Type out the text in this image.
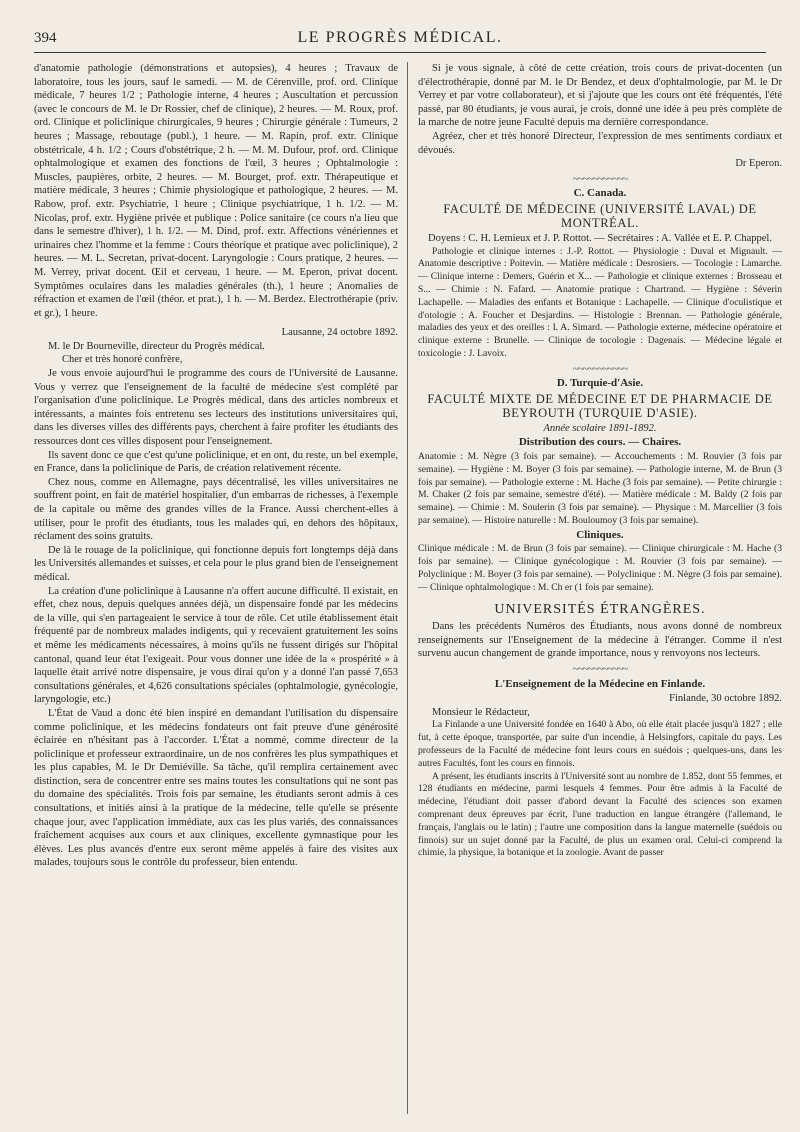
394	LE PROGRÈS MÉDICAL.

d'anatomie pathologie (démonstrations et autopsies), 4 heures ; Travaux de laboratoire, tous les jours, sauf le samedi. — M. de Cérenville, prof. ord. Clinique médicale, 7 heures 1/2 ; Pathologie interne, 4 heures ; Auscultation et percussion (avec le concours de M. le Dr Rossier, chef de clinique), 2 heures. — M. Roux, prof. ord. Clinique et policlinique chirurgicales, 9 heures ; Chirurgie générale : Tumeurs, 2 heures ; Massage, reboutage (publ.), 1 heure. — M. Rapin, prof. extr. Clinique obstétricale, 4 h. 1/2 ; Cours d'obstétrique, 2 h. — M. M. Dufour, prof. ord. Clinique ophtalmologique et examen des fonctions de l'œil, 3 heures ; Ophtalmologie : Muscles, paupières, orbite, 2 heures. — M. Bourget, prof. extr. Thérapeutique et matière médicale, 3 heures ; Chimie physiologique et pathologique, 2 heures. — M. Rabow, prof. extr. Psychiatrie, 1 heure ; Clinique psychiatrique, 1 h. 1/2. — M. Nicolas, prof. extr. Hygiène privée et publique : Police sanitaire (ce cours n'a lieu que dans le semestre d'hiver), 1 h. 1/2. — M. Dind, prof. extr. Affections vénériennes et urinaires chez l'homme et la femme : Cours théorique et pratique avec policlinique), 2 heures. — M. L. Secretan, privat-docent. Laryngologie : Cours pratique, 2 heures. — M. Verrey, privat docent. Œil et cerveau, 1 heure. — M. Eperon, privat docent. Symptômes oculaires dans les maladies générales (th.), 1 heure ; Anomalies de réfraction et examen de l'œil (théor. et prat.), 1 h. — M. Berdez. Electrothérapie (priv. et gr.), 1 heure.

Lausanne, 24 octobre 1892.

M. le Dr Bourneville, directeur du Progrès médical.

Cher et très honoré confrère,

Je vous envoie aujourd'hui le programme des cours de l'Université de Lausanne. Vous y verrez que l'enseignement de la faculté de médecine s'est complété par l'organisation d'une policlinique. Le Progrès médical, dans des articles nombreux et intéressants, a maintes fois entretenu ses lecteurs des institutions universitaires qui, dans les diverses villes des différents pays, cherchent à faire profiter les étudiants des ressources dont ces villes disposent pour l'enseignement.

Ils savent donc ce que c'est qu'une policlinique, et en ont, du reste, un bel exemple, en France, dans la policlinique de Paris, de création relativement récente.

Chez nous, comme en Allemagne, pays décentralisé, les villes universitaires ne souffrent point, en fait de matériel hospitalier, d'un embarras de richesses, à l'exemple de la capitale ou même des grandes villes de la France. Aussi cherchent-elles à utiliser, pour le profit des étudiants, tous les malades qui, en dehors des hôpitaux, réclament des soins gratuits.

De là le rouage de la policlinique, qui fonctionne depuis fort longtemps déjà dans les Universités allemandes et suisses, et cela pour le plus grand bien de l'enseignement médical.

La création d'une policlinique à Lausanne n'a offert aucune difficulté. Il existait, en effet, chez nous, depuis quelques années déjà, un dispensaire fondé par les médecins de la ville, qui s'en partageaient le service à tour de rôle. Cet utile établissement était fréquenté par de nombreux malades indigents, qui y recevaient gratuitement les soins et même les médicaments nécessaires, à moins qu'ils ne fussent dirigés sur l'hôpital cantonal, quand leur état l'exigeait. Pour vous donner une idée de la « prospérité » à laquelle était arrivé notre dispensaire, je vous dirai qu'on y a donné l'an passé 7,653 consultations générales, et 4,626 consultations spéciales (ophtalmologie, gynécologie, laryngologie, etc.)

L'État de Vaud a donc été bien inspiré en demandant l'utilisation du dispensaire comme policlinique, et les médecins fondateurs ont fait preuve d'une générosité éclairée en n'hésitant pas à l'accorder. L'État a nommé, comme directeur de la policlinique et professeur extraordinaire, un de nos confrères les plus sympathiques et les plus capables, M. le Dr Demiéville. Sa tâche, qu'il remplira certainement avec distinction, sera de concentrer entre ses mains toutes les consultations qui ne sont pas du domaine des spécialités. Trois fois par semaine, les étudiants seront admis à ces consultations, et initiés ainsi à la pratique de la médecine, telle qu'elle se présente chaque jour, avec l'application immédiate, aux cas les plus variés, des connaissances fraîchement acquises aux cours et aux cliniques, excellente gymnastique pour les élèves. Les plus avancés d'entre eux seront même appelés à faire des visites aux malades, toujours sous le contrôle du professeur, bien entendu.

Si je vous signale, à côté de cette création, trois cours de privat-docenten (un d'électrothérapie, donné par M. le Dr Bendez, et deux d'ophtalmologie, par M. le Dr Verrey et par votre collaborateur), et si j'ajoute que les cours ont été fréquentés, l'été passé, par 80 étudiants, je vous aurai, je crois, donné une idée à peu près complète de la marche de notre jeune Faculté depuis ma dernière correspondance.

Agréez, cher et très honoré Directeur, l'expression de mes sentiments cordiaux et dévoués.

Dr Eperon.

~~~~~~~~~~~
C. Canada.
FACULTÉ DE MÉDECINE (UNIVERSITÉ LAVAL) DE MONTRÉAL.

Doyens : C. H. Lemieux et J. P. Rottot. — Secrétaires : A. Vallée et E. P. Chappel.

Pathologie et clinique internes : J.-P. Rottot. — Physiologie : Duval et Mignault. — Anatomie descriptive : Poitevin. — Matière médicale : Desrosiers. — Tocologie : Lamarche. — Clinique interne : Demers, Guérin et X... — Pathologie et clinique externes : Brosseau et S... — Chimie : N. Fafard. — Anatomie pratique : Chartrand. — Hygiène : Séverin Lachapelle. — Maladies des enfants et Botanique : Lachapelle. — Clinique d'oculistique et d'otologie : A. Foucher et Desjardins. — Histologie : Brennan. — Pathologie générale, maladies des yeux et des oreilles : I. A. Simard. — Pathologie externe, médecine opératoire et clinique externe : Brunelle. — Clinique de tocologie : Dagenais. — Médecine légale et toxicologie : J. Lavoix.

~~~~~~~~~~~
D. Turquie-d'Asie.
FACULTÉ MIXTE DE MÉDECINE ET DE PHARMACIE DE BEYROUTH (TURQUIE D'ASIE).

Année scolaire 1891-1892.

Distribution des cours. — Chaires.

Anatomie : M. Nègre (3 fois par semaine). — Accouchements : M. Rouvier (3 fois par semaine). — Hygiène : M. Boyer (3 fois par semaine). — Pathologie interne, M. de Brun (3 fois par semaine). — Pathologie externe : M. Hache (3 fois par semaine). — Petite chirurgie : M. Chaker (2 fois par semaine, semestre d'été). — Matière médicale : M. Baldy (2 fois par semaine). — Chimie : M. Soulerin (3 fois par semaine). — Physique : M. Marcellier (3 fois par semaine). — Histoire naturelle : M. Bouloumoy (3 fois par semaine).

Cliniques.

Clinique médicale : M. de Brun (3 fois par semaine). — Clinique chirurgicale : M. Hache (3 fois par semaine). — Clinique gynécologique : M. Rouvier (3 fois par semaine). — Polyclinique : M. Boyer (3 fois par semaine). — Polyclinique : M. Nègre (3 fois par semaine). — Clinique ophtalmologique : M. Ch er (1 fois par semaine).

UNIVERSITÉS ÉTRANGÈRES.

Dans les précédents Numéros des Étudiants, nous avons donné de nombreux renseignements sur l'Enseignement de la médecine à l'étranger. Comme il n'est survenu aucun changement de grande importance, nous y renvoyons nos lecteurs.

~~~~~~~~~~~
L'Enseignement de la Médecine en Finlande.

Finlande, 30 octobre 1892.

Monsieur le Rédacteur,

La Finlande a une Université fondée en 1640 à Abo, où elle était placée jusqu'à 1827 ; elle fut, à cette époque, transportée, par suite d'un incendie, à Helsingfors, capitale du pays. Les professeurs de la Faculté de médecine font leurs cours en suédois ; quelques-uns, dans les autres Facultés, font les cours en finnois.

A présent, les étudiants inscrits à l'Université sont au nombre de 1.852, dont 55 femmes, et 128 étudiants en médecine, parmi lesquels 4 femmes. Pour être admis à la Faculté de médecine, l'étudiant doit passer d'abord devant la Faculté des sciences son examen comprenant deux épreuves par écrit, l'une traduction en langue étrangère (l'allemand, le français, l'anglais ou le latin) ; l'autre une composition dans la langue maternelle (suédois ou finnois) sur un sujet donné par la Faculté, de plus un examen oral. Celui-ci comprend la chimie, la physique, la botanique et la zoologie. Avant de passer
